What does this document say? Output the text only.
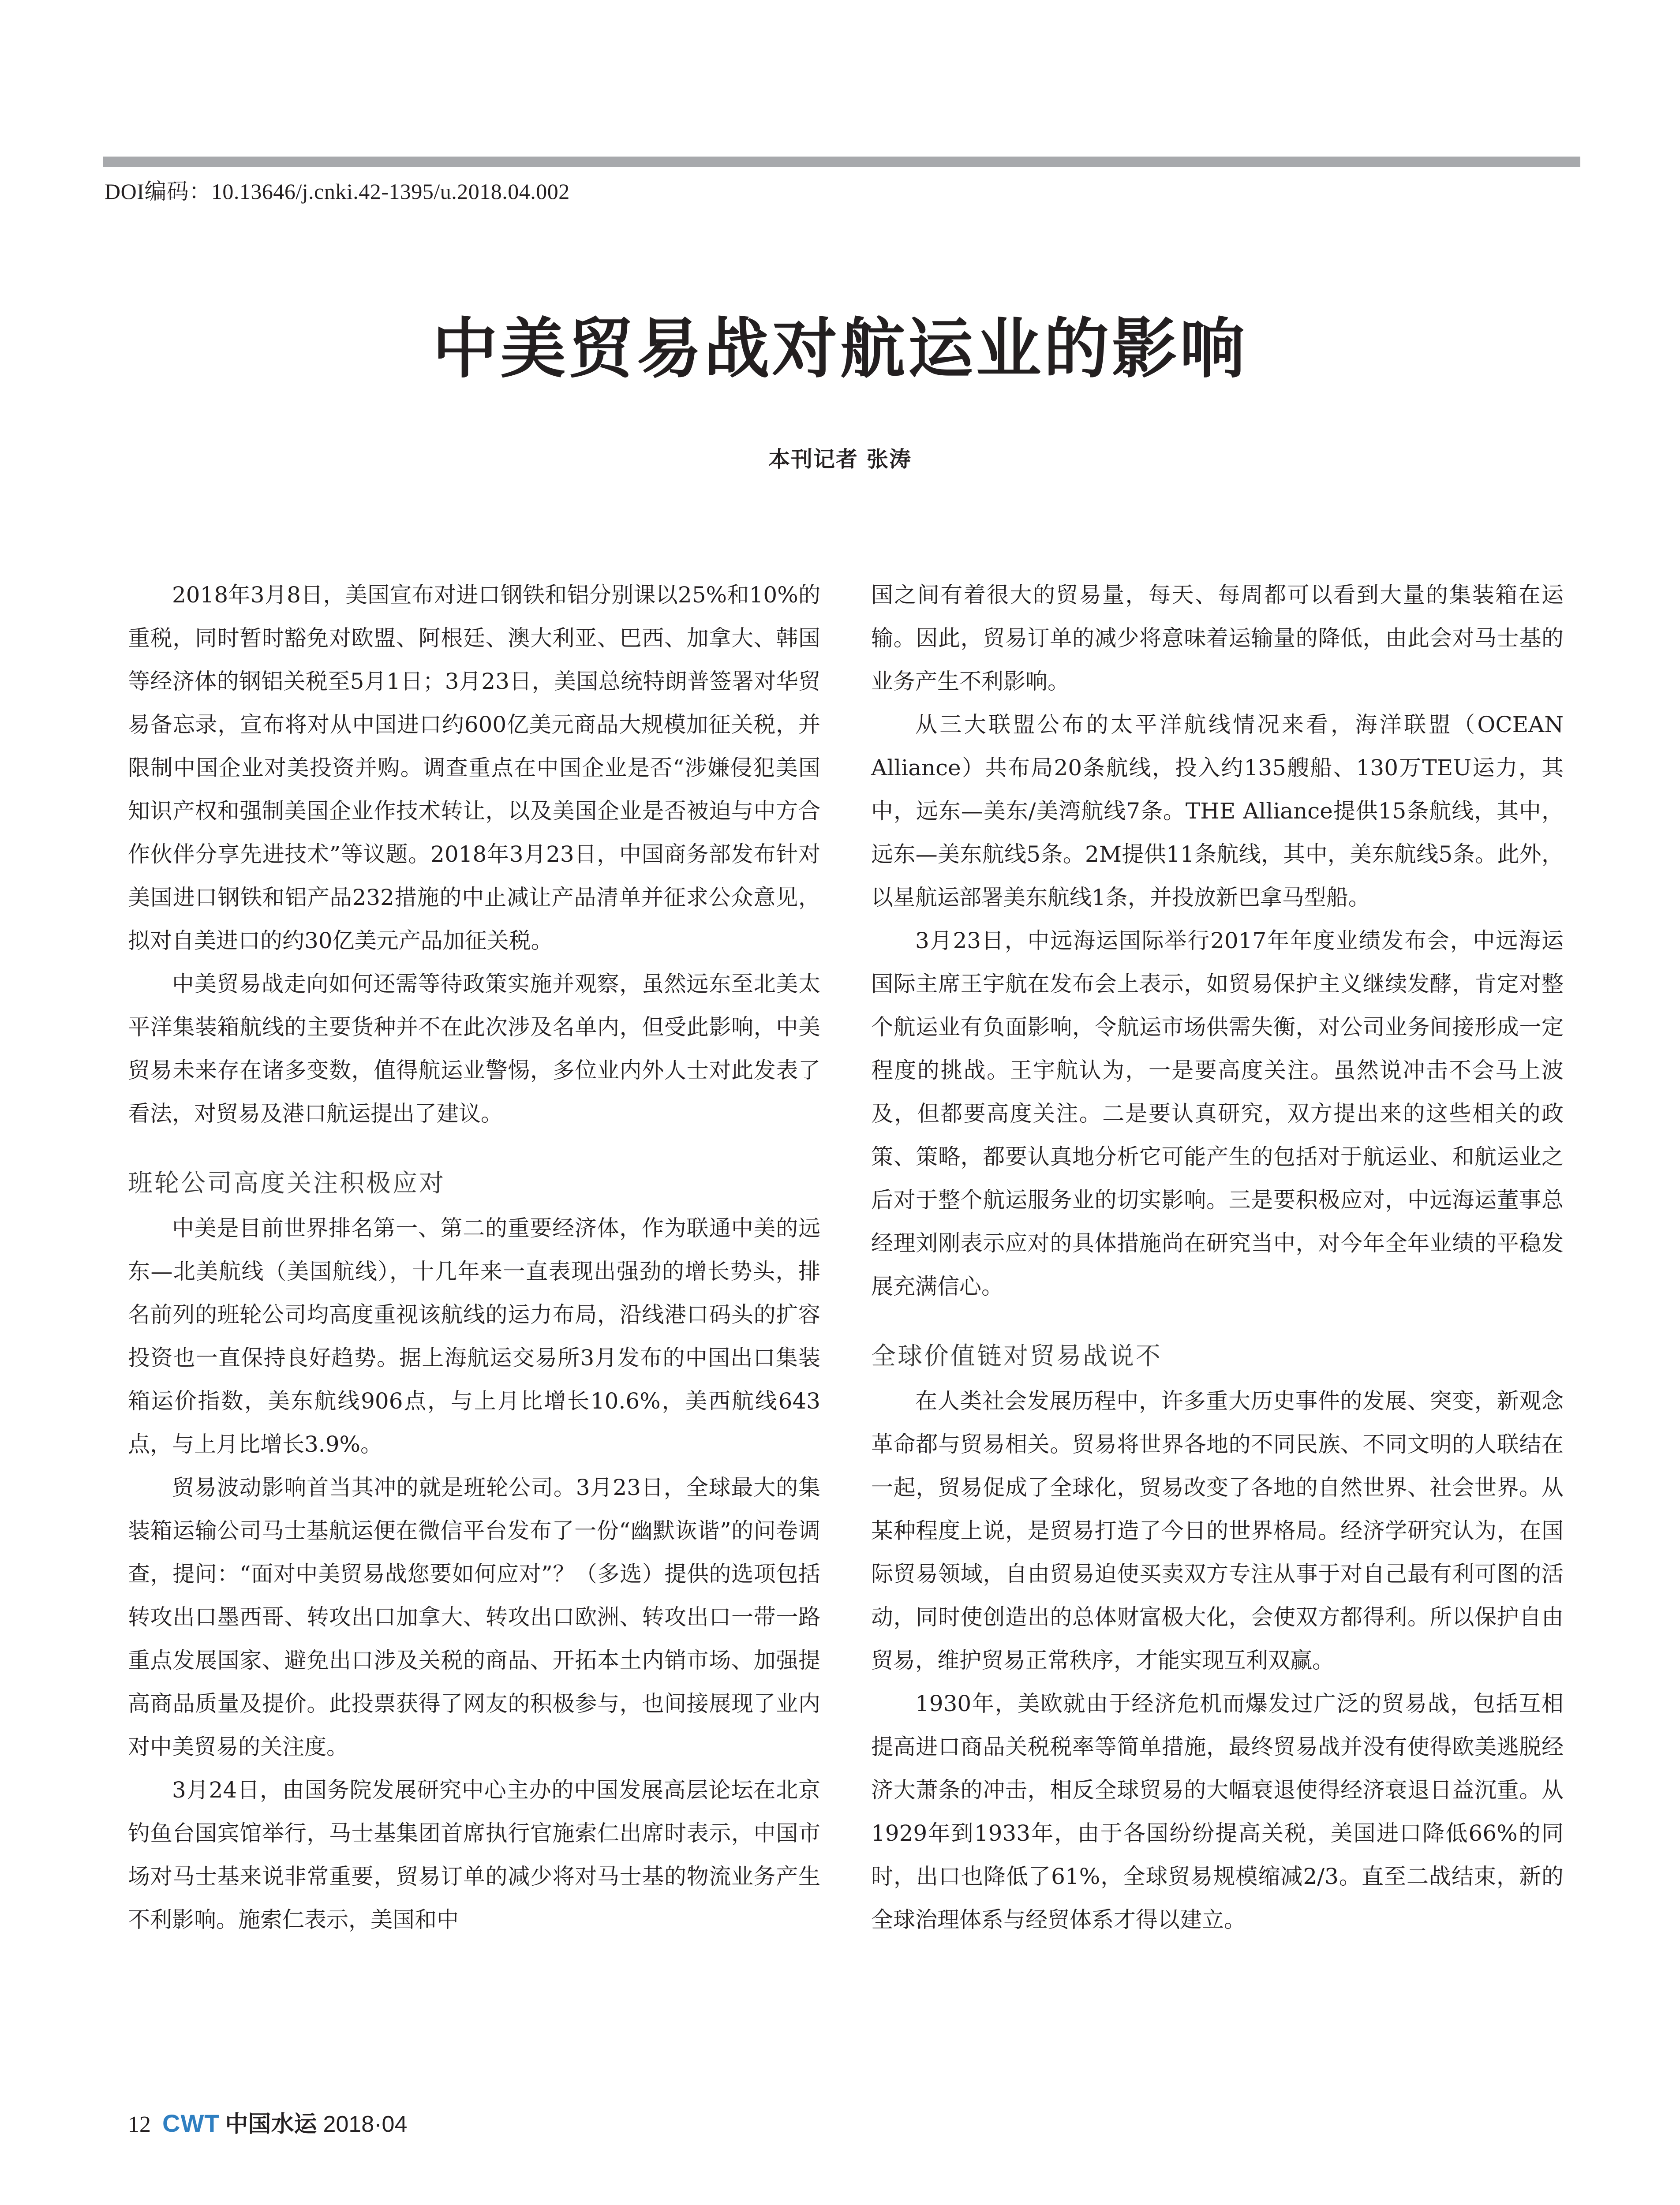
DOI编码：10.13646/j.cnki.42-1395/u.2018.04.002
中美贸易战对航运业的影响
本刊记者 张涛

2018年3月8日，美国宣布对进口钢铁和铝分别课以25%和10%的重税，同时暂时豁免对欧盟、阿根廷、澳大利亚、巴西、加拿大、韩国等经济体的钢铝关税至5月1日；3月23日，美国总统特朗普签署对华贸易备忘录，宣布将对从中国进口约600亿美元商品大规模加征关税，并限制中国企业对美投资并购。调查重点在中国企业是否“涉嫌侵犯美国知识产权和强制美国企业作技术转让，以及美国企业是否被迫与中方合作伙伴分享先进技术”等议题。2018年3月23日，中国商务部发布针对美国进口钢铁和铝产品232措施的中止减让产品清单并征求公众意见，拟对自美进口的约30亿美元产品加征关税。

中美贸易战走向如何还需等待政策实施并观察，虽然远东至北美太平洋集装箱航线的主要货种并不在此次涉及名单内，但受此影响，中美贸易未来存在诸多变数，值得航运业警惕，多位业内外人士对此发表了看法，对贸易及港口航运提出了建议。

班轮公司高度关注积极应对

中美是目前世界排名第一、第二的重要经济体，作为联通中美的远东—北美航线（美国航线），十几年来一直表现出强劲的增长势头，排名前列的班轮公司均高度重视该航线的运力布局，沿线港口码头的扩容投资也一直保持良好趋势。据上海航运交易所3月发布的中国出口集装箱运价指数，美东航线906点，与上月比增长10.6%，美西航线643点，与上月比增长3.9%。

贸易波动影响首当其冲的就是班轮公司。3月23日，全球最大的集装箱运输公司马士基航运便在微信平台发布了一份“幽默诙谐”的问卷调查，提问：“面对中美贸易战您要如何应对”？（多选）提供的选项包括转攻出口墨西哥、转攻出口加拿大、转攻出口欧洲、转攻出口一带一路重点发展国家、避免出口涉及关税的商品、开拓本土内销市场、加强提高商品质量及提价。此投票获得了网友的积极参与，也间接展现了业内对中美贸易的关注度。

3月24日，由国务院发展研究中心主办的中国发展高层论坛在北京钓鱼台国宾馆举行，马士基集团首席执行官施索仁出席时表示，中国市场对马士基来说非常重要，贸易订单的减少将对马士基的物流业务产生不利影响。施索仁表示，美国和中

国之间有着很大的贸易量，每天、每周都可以看到大量的集装箱在运输。因此，贸易订单的减少将意味着运输量的降低，由此会对马士基的业务产生不利影响。

从三大联盟公布的太平洋航线情况来看，海洋联盟（OCEAN Alliance）共布局20条航线，投入约135艘船、130万TEU运力，其中，远东—美东/美湾航线7条。THE Alliance提供15条航线，其中，远东—美东航线5条。2M提供11条航线，其中，美东航线5条。此外，以星航运部署美东航线1条，并投放新巴拿马型船。

3月23日，中远海运国际举行2017年年度业绩发布会，中远海运国际主席王宇航在发布会上表示，如贸易保护主义继续发酵，肯定对整个航运业有负面影响，令航运市场供需失衡，对公司业务间接形成一定程度的挑战。王宇航认为，一是要高度关注。虽然说冲击不会马上波及，但都要高度关注。二是要认真研究，双方提出来的这些相关的政策、策略，都要认真地分析它可能产生的包括对于航运业、和航运业之后对于整个航运服务业的切实影响。三是要积极应对，中远海运董事总经理刘刚表示应对的具体措施尚在研究当中，对今年全年业绩的平稳发展充满信心。

全球价值链对贸易战说不

在人类社会发展历程中，许多重大历史事件的发展、突变，新观念革命都与贸易相关。贸易将世界各地的不同民族、不同文明的人联结在一起，贸易促成了全球化，贸易改变了各地的自然世界、社会世界。从某种程度上说，是贸易打造了今日的世界格局。经济学研究认为，在国际贸易领域，自由贸易迫使买卖双方专注从事于对自己最有利可图的活动，同时使创造出的总体财富极大化，会使双方都得利。所以保护自由贸易，维护贸易正常秩序，才能实现互利双赢。

1930年，美欧就由于经济危机而爆发过广泛的贸易战，包括互相提高进口商品关税税率等简单措施，最终贸易战并没有使得欧美逃脱经济大萧条的冲击，相反全球贸易的大幅衰退使得经济衰退日益沉重。从1929年到1933年，由于各国纷纷提高关税，美国进口降低66%的同时，出口也降低了61%，全球贸易规模缩减2/3。直至二战结束，新的全球治理体系与经贸体系才得以建立。

12 CWT 中国水运 2018·04
